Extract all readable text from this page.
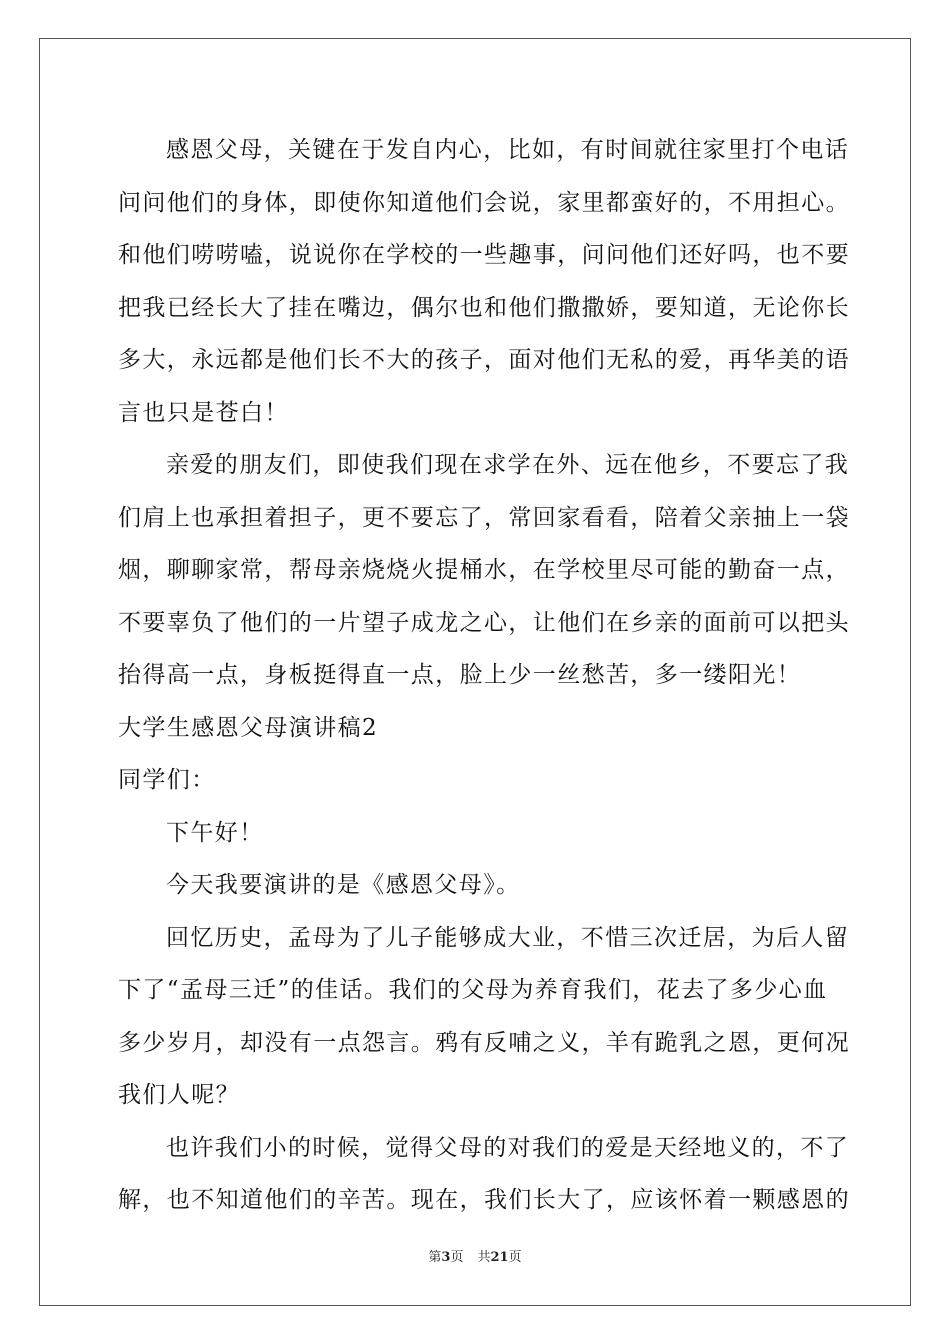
感恩父母，关键在于发自内心，比如，有时间就往家里打个电话
问问他们的身体，即使你知道他们会说，家里都蛮好的，不用担心。
和他们唠唠嗑，说说你在学校的一些趣事，问问他们还好吗，也不要
把我已经长大了挂在嘴边，偶尔也和他们撒撒娇，要知道，无论你长
多大，永远都是他们长不大的孩子，面对他们无私的爱，再华美的语
言也只是苍白！
亲爱的朋友们，即使我们现在求学在外、远在他乡，不要忘了我
们肩上也承担着担子，更不要忘了，常回家看看，陪着父亲抽上一袋
烟，聊聊家常，帮母亲烧烧火提桶水，在学校里尽可能的勤奋一点，
不要辜负了他们的一片望子成龙之心，让他们在乡亲的面前可以把头
抬得高一点，身板挺得直一点，脸上少一丝愁苦，多一缕阳光！
大学生感恩父母演讲稿2
同学们：
下午好！
今天我要演讲的是《感恩父母》。
回忆历史，孟母为了儿子能够成大业，不惜三次迁居，为后人留
下了“孟母三迁”的佳话。我们的父母为养育我们，花去了多少心血
多少岁月，却没有一点怨言。鸦有反哺之义，羊有跪乳之恩，更何况
我们人呢？
也许我们小的时候，觉得父母的对我们的爱是天经地义的，不了
解，也不知道他们的辛苦。现在，我们长大了，应该怀着一颗感恩的
第3页 共21页
